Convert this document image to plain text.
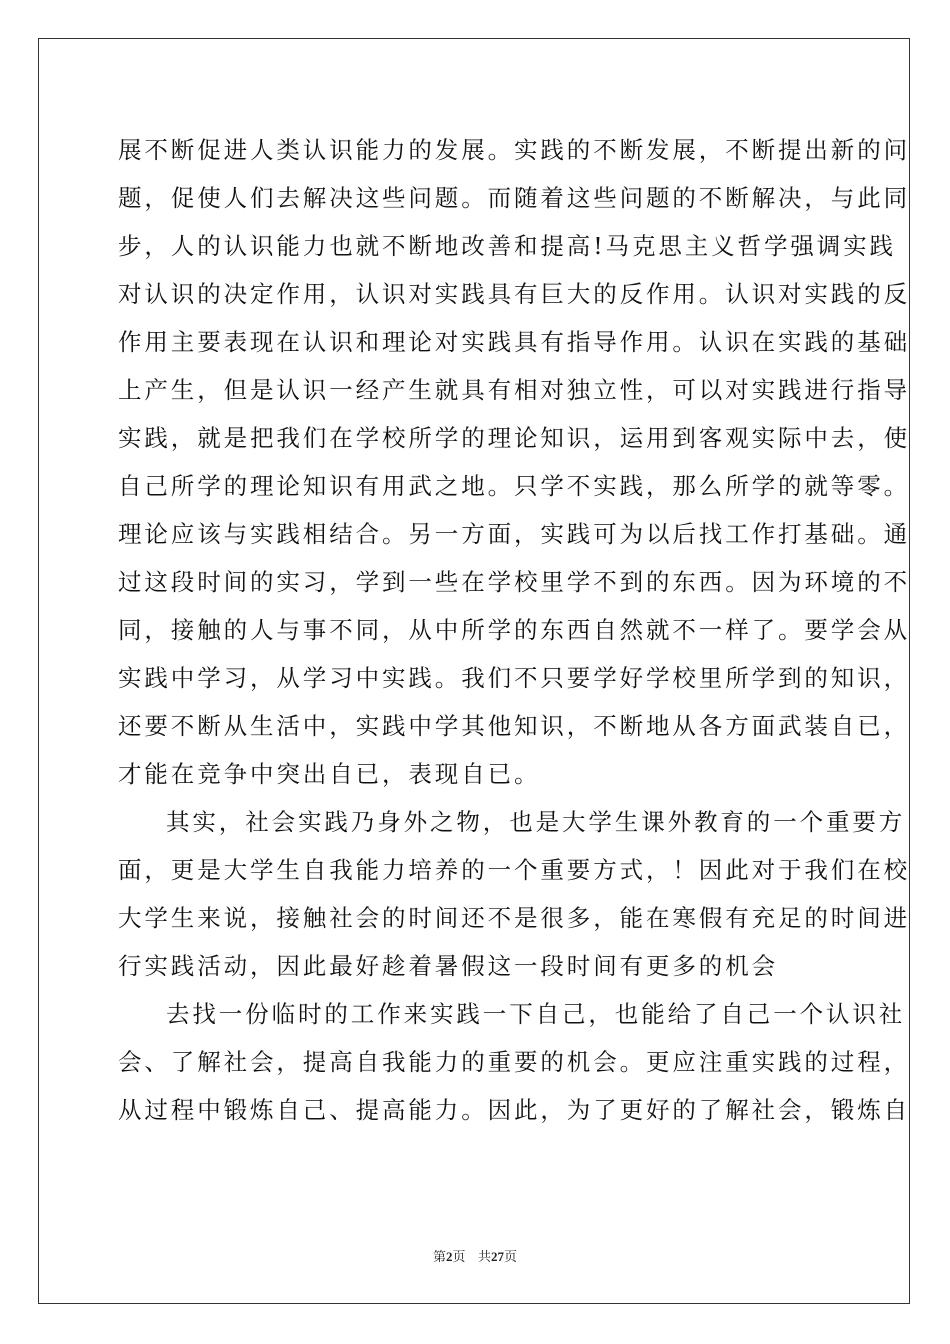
展不断促进人类认识能力的发展。实践的不断发展，不断提出新的问
题，促使人们去解决这些问题。而随着这些问题的不断解决，与此同
步，人的认识能力也就不断地改善和提高!马克思主义哲学强调实践
对认识的决定作用，认识对实践具有巨大的反作用。认识对实践的反
作用主要表现在认识和理论对实践具有指导作用。认识在实践的基础
上产生，但是认识一经产生就具有相对独立性，可以对实践进行指导
实践，就是把我们在学校所学的理论知识，运用到客观实际中去，使
自己所学的理论知识有用武之地。只学不实践，那么所学的就等零。
理论应该与实践相结合。另一方面，实践可为以后找工作打基础。通
过这段时间的实习，学到一些在学校里学不到的东西。因为环境的不
同，接触的人与事不同，从中所学的东西自然就不一样了。要学会从
实践中学习，从学习中实践。我们不只要学好学校里所学到的知识，
还要不断从生活中，实践中学其他知识，不断地从各方面武装自已，
才能在竞争中突出自已，表现自已。
其实，社会实践乃身外之物，也是大学生课外教育的一个重要方
面，更是大学生自我能力培养的一个重要方式，！因此对于我们在校
大学生来说，接触社会的时间还不是很多，能在寒假有充足的时间进
行实践活动，因此最好趁着暑假这一段时间有更多的机会
去找一份临时的工作来实践一下自己，也能给了自己一个认识社
会、了解社会，提高自我能力的重要的机会。更应注重实践的过程，
从过程中锻炼自己、提高能力。因此，为了更好的了解社会，锻炼自
第2页 共27页
